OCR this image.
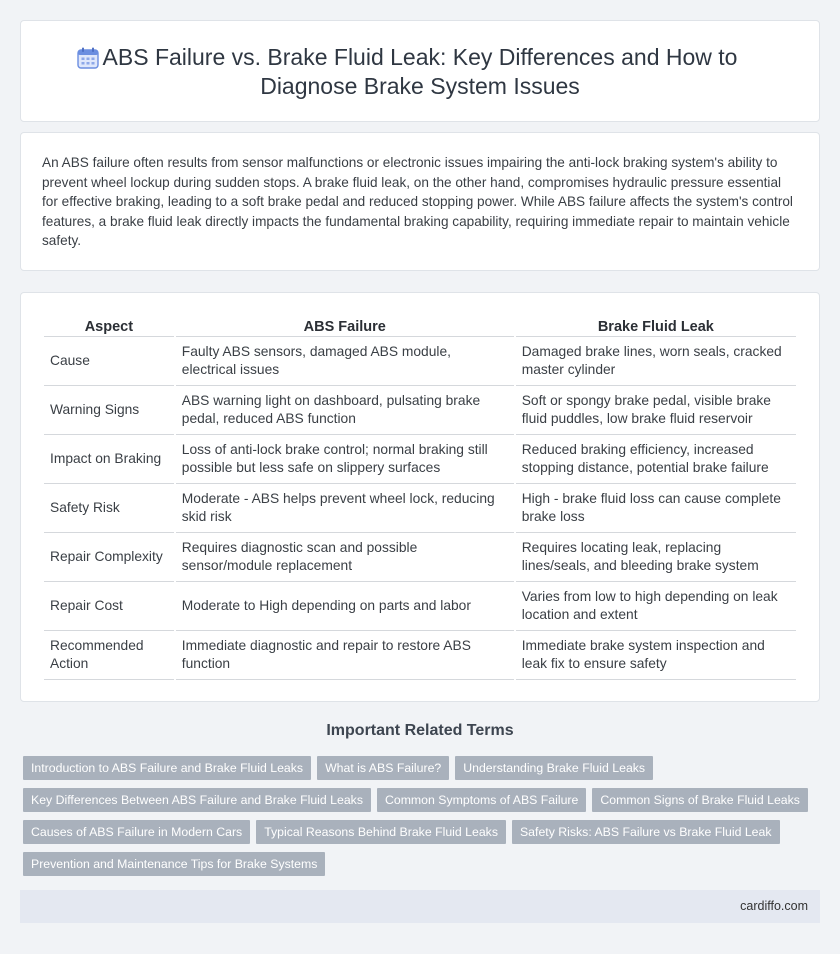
ABS Failure vs. Brake Fluid Leak: Key Differences and How to Diagnose Brake System Issues

An ABS failure often results from sensor malfunctions or electronic issues impairing the anti-lock braking system's ability to prevent wheel lockup during sudden stops. A brake fluid leak, on the other hand, compromises hydraulic pressure essential for effective braking, leading to a soft brake pedal and reduced stopping power. While ABS failure affects the system's control features, a brake fluid leak directly impacts the fundamental braking capability, requiring immediate repair to maintain vehicle safety.

Aspect	ABS Failure	Brake Fluid Leak
Cause	Faulty ABS sensors, damaged ABS module, electrical issues	Damaged brake lines, worn seals, cracked master cylinder
Warning Signs	ABS warning light on dashboard, pulsating brake pedal, reduced ABS function	Soft or spongy brake pedal, visible brake fluid puddles, low brake fluid reservoir
Impact on Braking	Loss of anti-lock brake control; normal braking still possible but less safe on slippery surfaces	Reduced braking efficiency, increased stopping distance, potential brake failure
Safety Risk	Moderate - ABS helps prevent wheel lock, reducing skid risk	High - brake fluid loss can cause complete brake loss
Repair Complexity	Requires diagnostic scan and possible sensor/module replacement	Requires locating leak, replacing lines/seals, and bleeding brake system
Repair Cost	Moderate to High depending on parts and labor	Varies from low to high depending on leak location and extent
Recommended Action	Immediate diagnostic and repair to restore ABS function	Immediate brake system inspection and leak fix to ensure safety
Important Related Terms
Introduction to ABS Failure and Brake Fluid Leaks	What is ABS Failure?	Understanding Brake Fluid Leaks
Key Differences Between ABS Failure and Brake Fluid Leaks	Common Symptoms of ABS Failure	Common Signs of Brake Fluid Leaks
Causes of ABS Failure in Modern Cars	Typical Reasons Behind Brake Fluid Leaks	Safety Risks: ABS Failure vs Brake Fluid Leak
Prevention and Maintenance Tips for Brake Systems
cardiffo.com
